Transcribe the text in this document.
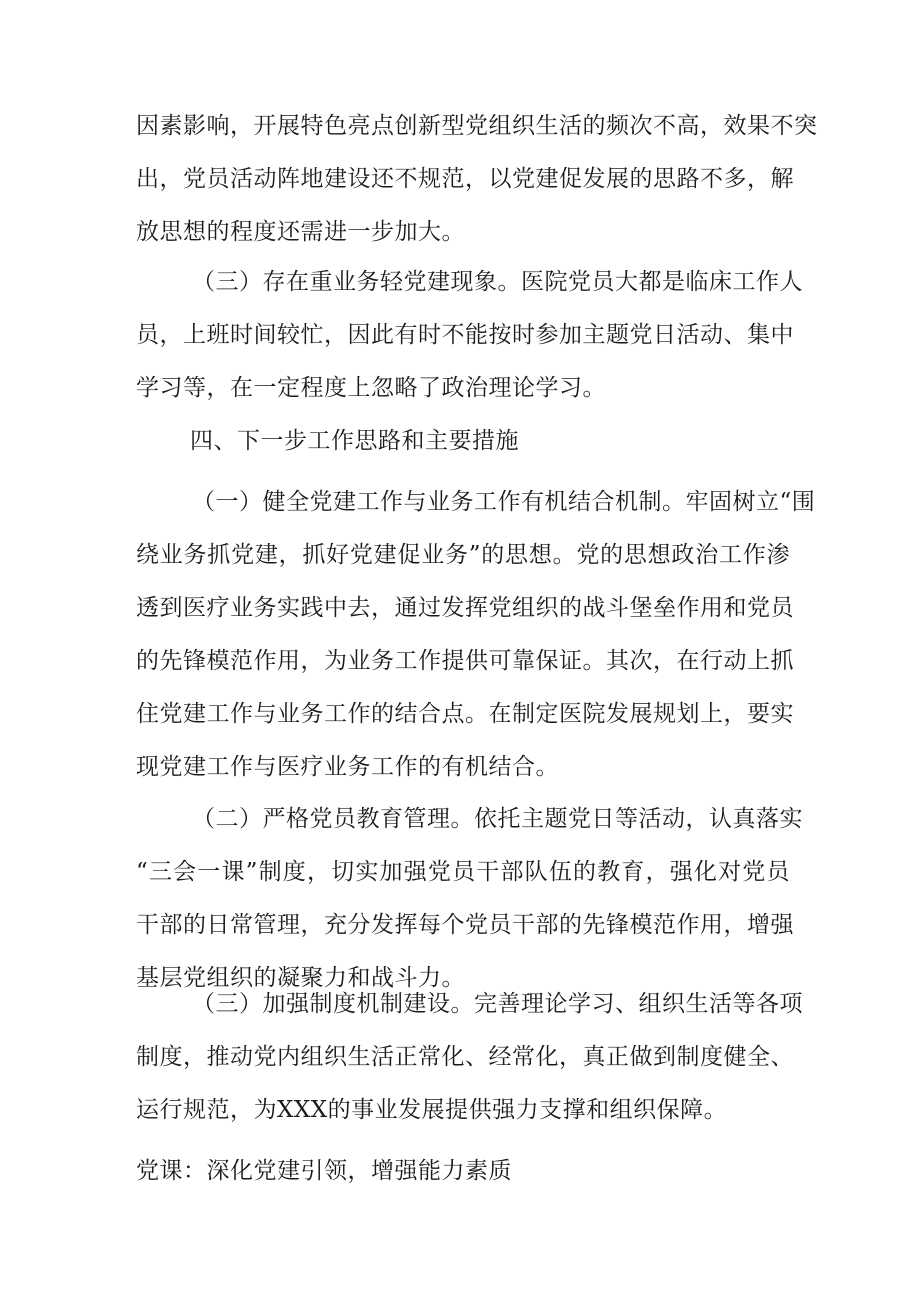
因素影响，开展特色亮点创新型党组织生活的频次不高，效果不突
出，党员活动阵地建设还不规范，以党建促发展的思路不多，解
放思想的程度还需进一步加大。
（三）存在重业务轻党建现象。医院党员大都是临床工作人
员，上班时间较忙，因此有时不能按时参加主题党日活动、集中
学习等，在一定程度上忽略了政治理论学习。
四、下一步工作思路和主要措施
（一）健全党建工作与业务工作有机结合机制。牢固树立“围
绕业务抓党建，抓好党建促业务”的思想。党的思想政治工作渗
透到医疗业务实践中去，通过发挥党组织的战斗堡垒作用和党员
的先锋模范作用，为业务工作提供可靠保证。其次，在行动上抓
住党建工作与业务工作的结合点。在制定医院发展规划上，要实
现党建工作与医疗业务工作的有机结合。
（二）严格党员教育管理。依托主题党日等活动，认真落实
“三会一课”制度，切实加强党员干部队伍的教育，强化对党员
干部的日常管理，充分发挥每个党员干部的先锋模范作用，增强
基层党组织的凝聚力和战斗力。
（三）加强制度机制建设。完善理论学习、组织生活等各项
制度，推动党内组织生活正常化、经常化，真正做到制度健全、
运行规范，为XXX的事业发展提供强力支撑和组织保障。
党课：深化党建引领，增强能力素质
